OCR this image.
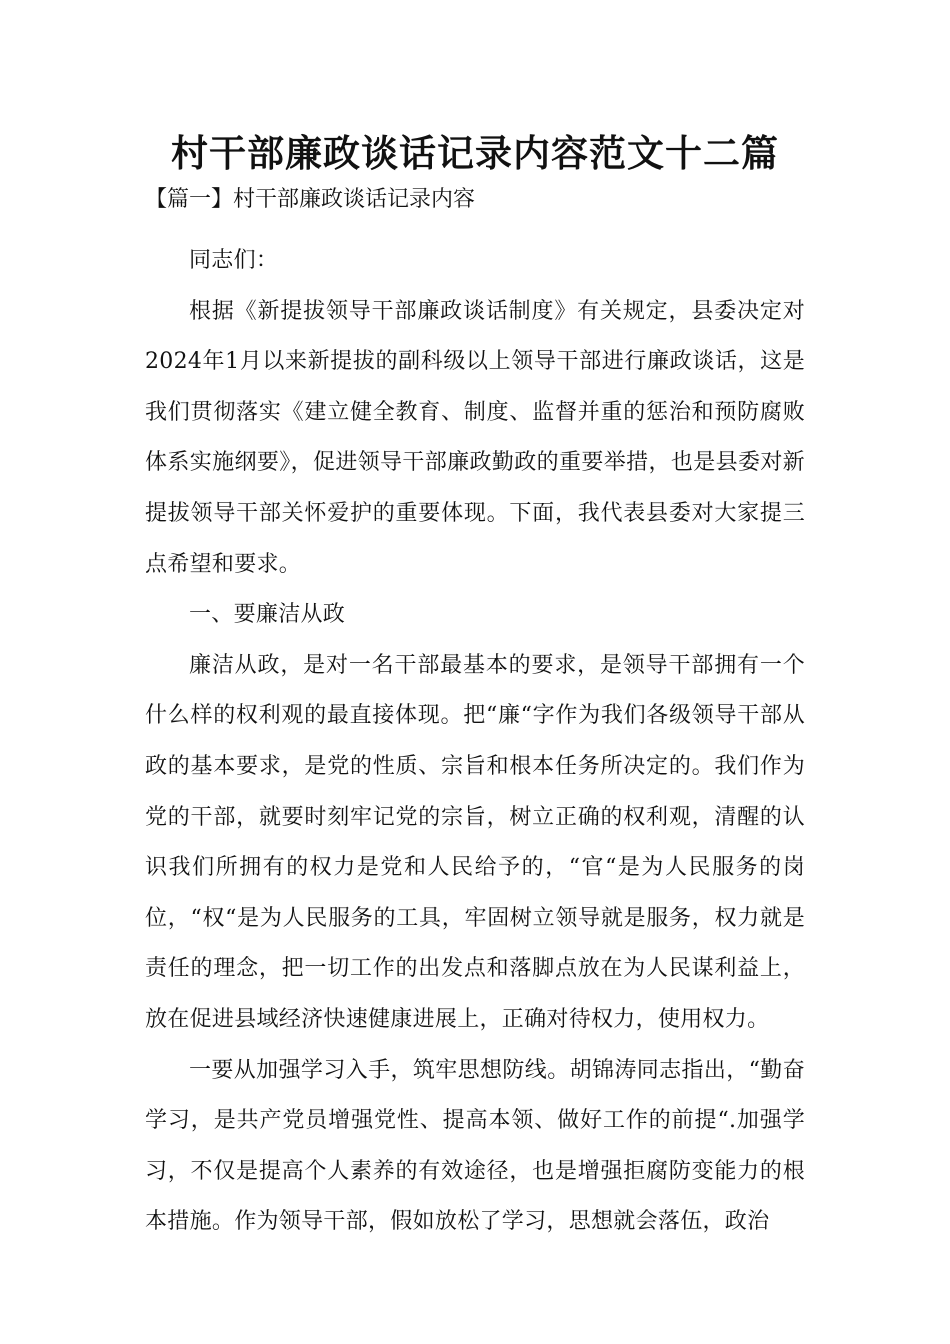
村干部廉政谈话记录内容范文十二篇
【篇一】村干部廉政谈话记录内容

同志们：

根据《新提拔领导干部廉政谈话制度》有关规定，县委决定对2024年1月以来新提拔的副科级以上领导干部进行廉政谈话，这是我们贯彻落实《建立健全教育、制度、监督并重的惩治和预防腐败体系实施纲要》，促进领导干部廉政勤政的重要举措，也是县委对新提拔领导干部关怀爱护的重要体现。下面，我代表县委对大家提三点希望和要求。

一、要廉洁从政

廉洁从政，是对一名干部最基本的要求，是领导干部拥有一个什么样的权利观的最直接体现。把“廉“字作为我们各级领导干部从政的基本要求，是党的性质、宗旨和根本任务所决定的。我们作为党的干部，就要时刻牢记党的宗旨，树立正确的权利观，清醒的认识我们所拥有的权力是党和人民给予的，“官“是为人民服务的岗位，“权“是为人民服务的工具，牢固树立领导就是服务，权力就是责任的理念，把一切工作的出发点和落脚点放在为人民谋利益上，放在促进县域经济快速健康进展上，正确对待权力，使用权力。

一要从加强学习入手，筑牢思想防线。胡锦涛同志指出，“勤奋学习，是共产党员增强党性、提高本领、做好工作的前提“.加强学习，不仅是提高个人素养的有效途径，也是增强拒腐防变能力的根本措施。作为领导干部，假如放松了学习，思想就会落伍，政治
